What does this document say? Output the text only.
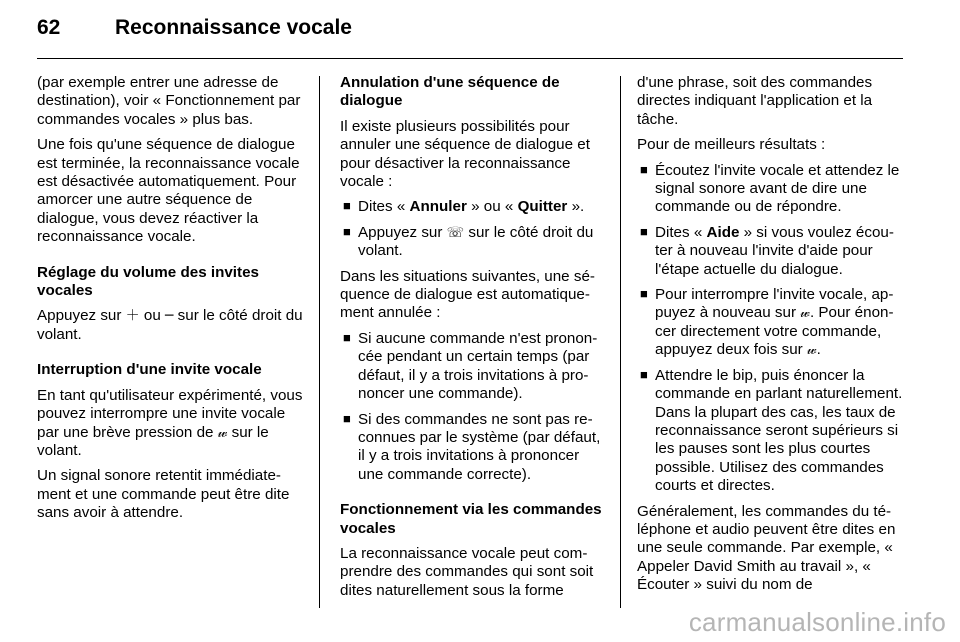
62	Reconnaissance vocale

(par exemple entrer une adresse de destination), voir « Fonctionnement par commandes vocales » plus bas.

Une fois qu'une séquence de dialogue est terminée, la reconnaissance vocale est désactivée automatiquement. Pour amorcer une autre séquence de dialogue, vous devez réactiver la reconnaissance vocale.

Réglage du volume des invites vocales

Appuyez sur ＋ ou ─ sur le côté droit du volant.

Interruption d'une invite vocale

En tant qu'utilisateur expérimenté, vous pouvez interrompre une invite vocale par une brève pression de 𝓌 sur le volant.

Un signal sonore retentit immédiatement et une commande peut être dite sans avoir à attendre.

Annulation d'une séquence de dialogue

Il existe plusieurs possibilités pour annuler une séquence de dialogue et pour désactiver la reconnaissance vocale :

■ Dites « Annuler » ou « Quitter ».
■ Appuyez sur ☏ sur le côté droit du volant.

Dans les situations suivantes, une séquence de dialogue est automatiquement annulée :

■ Si aucune commande n'est prononcée pendant un certain temps (par défaut, il y a trois invitations à prononcer une commande).
■ Si des commandes ne sont pas reconnues par le système (par défaut, il y a trois invitations à prononcer une commande correcte).

Fonctionnement via les commandes vocales

La reconnaissance vocale peut comprendre des commandes qui sont soit dites naturellement sous la forme

d'une phrase, soit des commandes directes indiquant l'application et la tâche.

Pour de meilleurs résultats :

■ Écoutez l'invite vocale et attendez le signal sonore avant de dire une commande ou de répondre.
■ Dites « Aide » si vous voulez écouter à nouveau l'invite d'aide pour l'étape actuelle du dialogue.
■ Pour interrompre l'invite vocale, appuyez à nouveau sur 𝓌. Pour énoncer directement votre commande, appuyez deux fois sur 𝓌.
■ Attendre le bip, puis énoncer la commande en parlant naturellement. Dans la plupart des cas, les taux de reconnaissance seront supérieurs si les pauses sont les plus courtes possible. Utilisez des commandes courts et directes.

Généralement, les commandes du téléphone et audio peuvent être dites en une seule commande. Par exemple, « Appeler David Smith au travail », « Écouter » suivi du nom de

carmanualsonline.info
